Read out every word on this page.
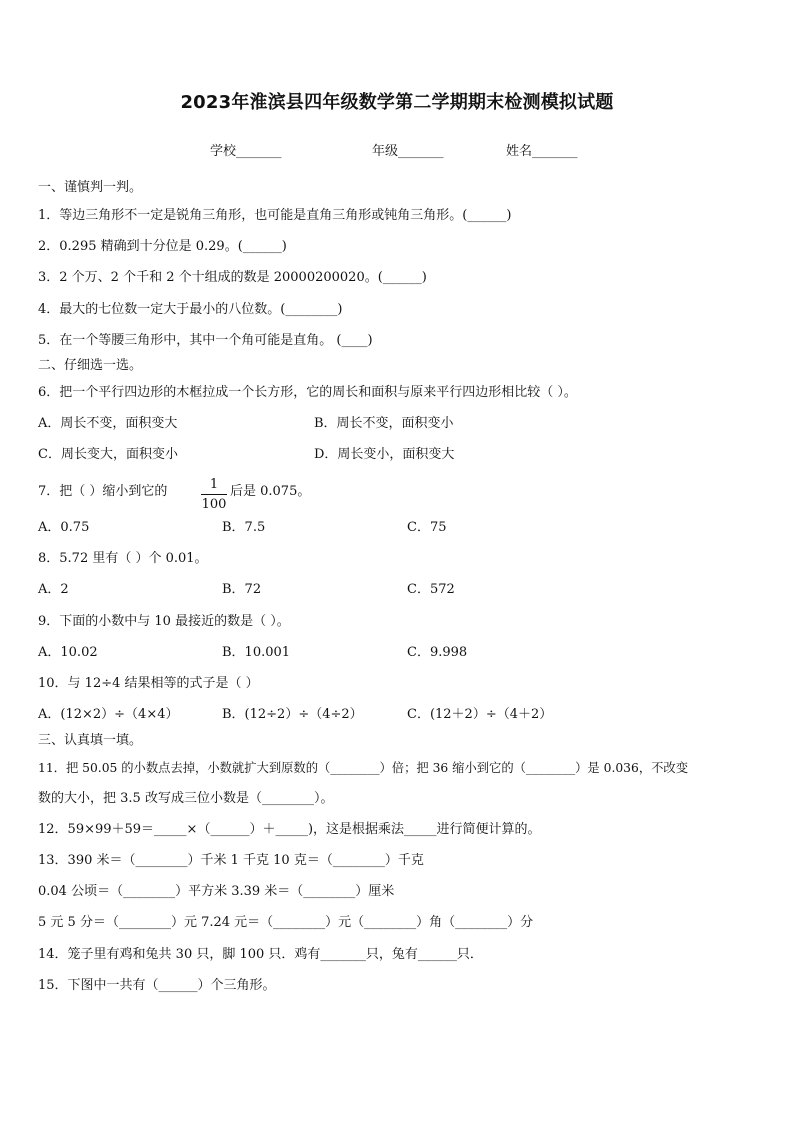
2023年淮滨县四年级数学第二学期期末检测模拟试题
学校_______	年级_______	姓名_______
一、谨慎判一判。
1．等边三角形不一定是锐角三角形，也可能是直角三角形或钝角三角形。(______)
2．0.295 精确到十分位是 0.29。(______)
3．2 个万、2 个千和 2 个十组成的数是 20000200020。(______)
4．最大的七位数一定大于最小的八位数。(________)
5．在一个等腰三角形中，其中一个角可能是直角。 (____)
二、仔细选一选。
6．把一个平行四边形的木框拉成一个长方形，它的周长和面积与原来平行四边形相比较（ ）。
A．周长不变，面积变大	B．周长不变，面积变小
C．周长变大，面积变小	D．周长变小，面积变大
7．把（ ）缩小到它的	1
100
后是 0.075。
A．0.75	B．7.5	C．75
8．5.72 里有（ ）个 0.01。
A．2	B．72	C．572
9．下面的小数中与 10 最接近的数是（ ）。
A．10.02	B．10.001	C．9.998
10．与 12÷4 结果相等的式子是（ ）
A．(12×2）÷（4×4）	B．(12÷2）÷（4÷2）	C．(12＋2）÷（4＋2）
三、认真填一填。
11．把 50.05 的小数点去掉，小数就扩大到原数的（________）倍；把 36 缩小到它的（________）是 0.036，不改变
数的大小，把 3.5 改写成三位小数是（________）。
12．59×99＋59＝_____×（______）＋_____)，这是根据乘法_____进行简便计算的。
13．390 米＝（________）千米 1 千克 10 克＝（________）千克
0.04 公顷＝（________）平方米 3.39 米＝（________）厘米
5 元 5 分＝（________）元 7.24 元＝（________）元（________）角（________）分
14．笼子里有鸡和兔共 30 只，脚 100 只．鸡有_______只，兔有______只．
15．下图中一共有（______）个三角形。
